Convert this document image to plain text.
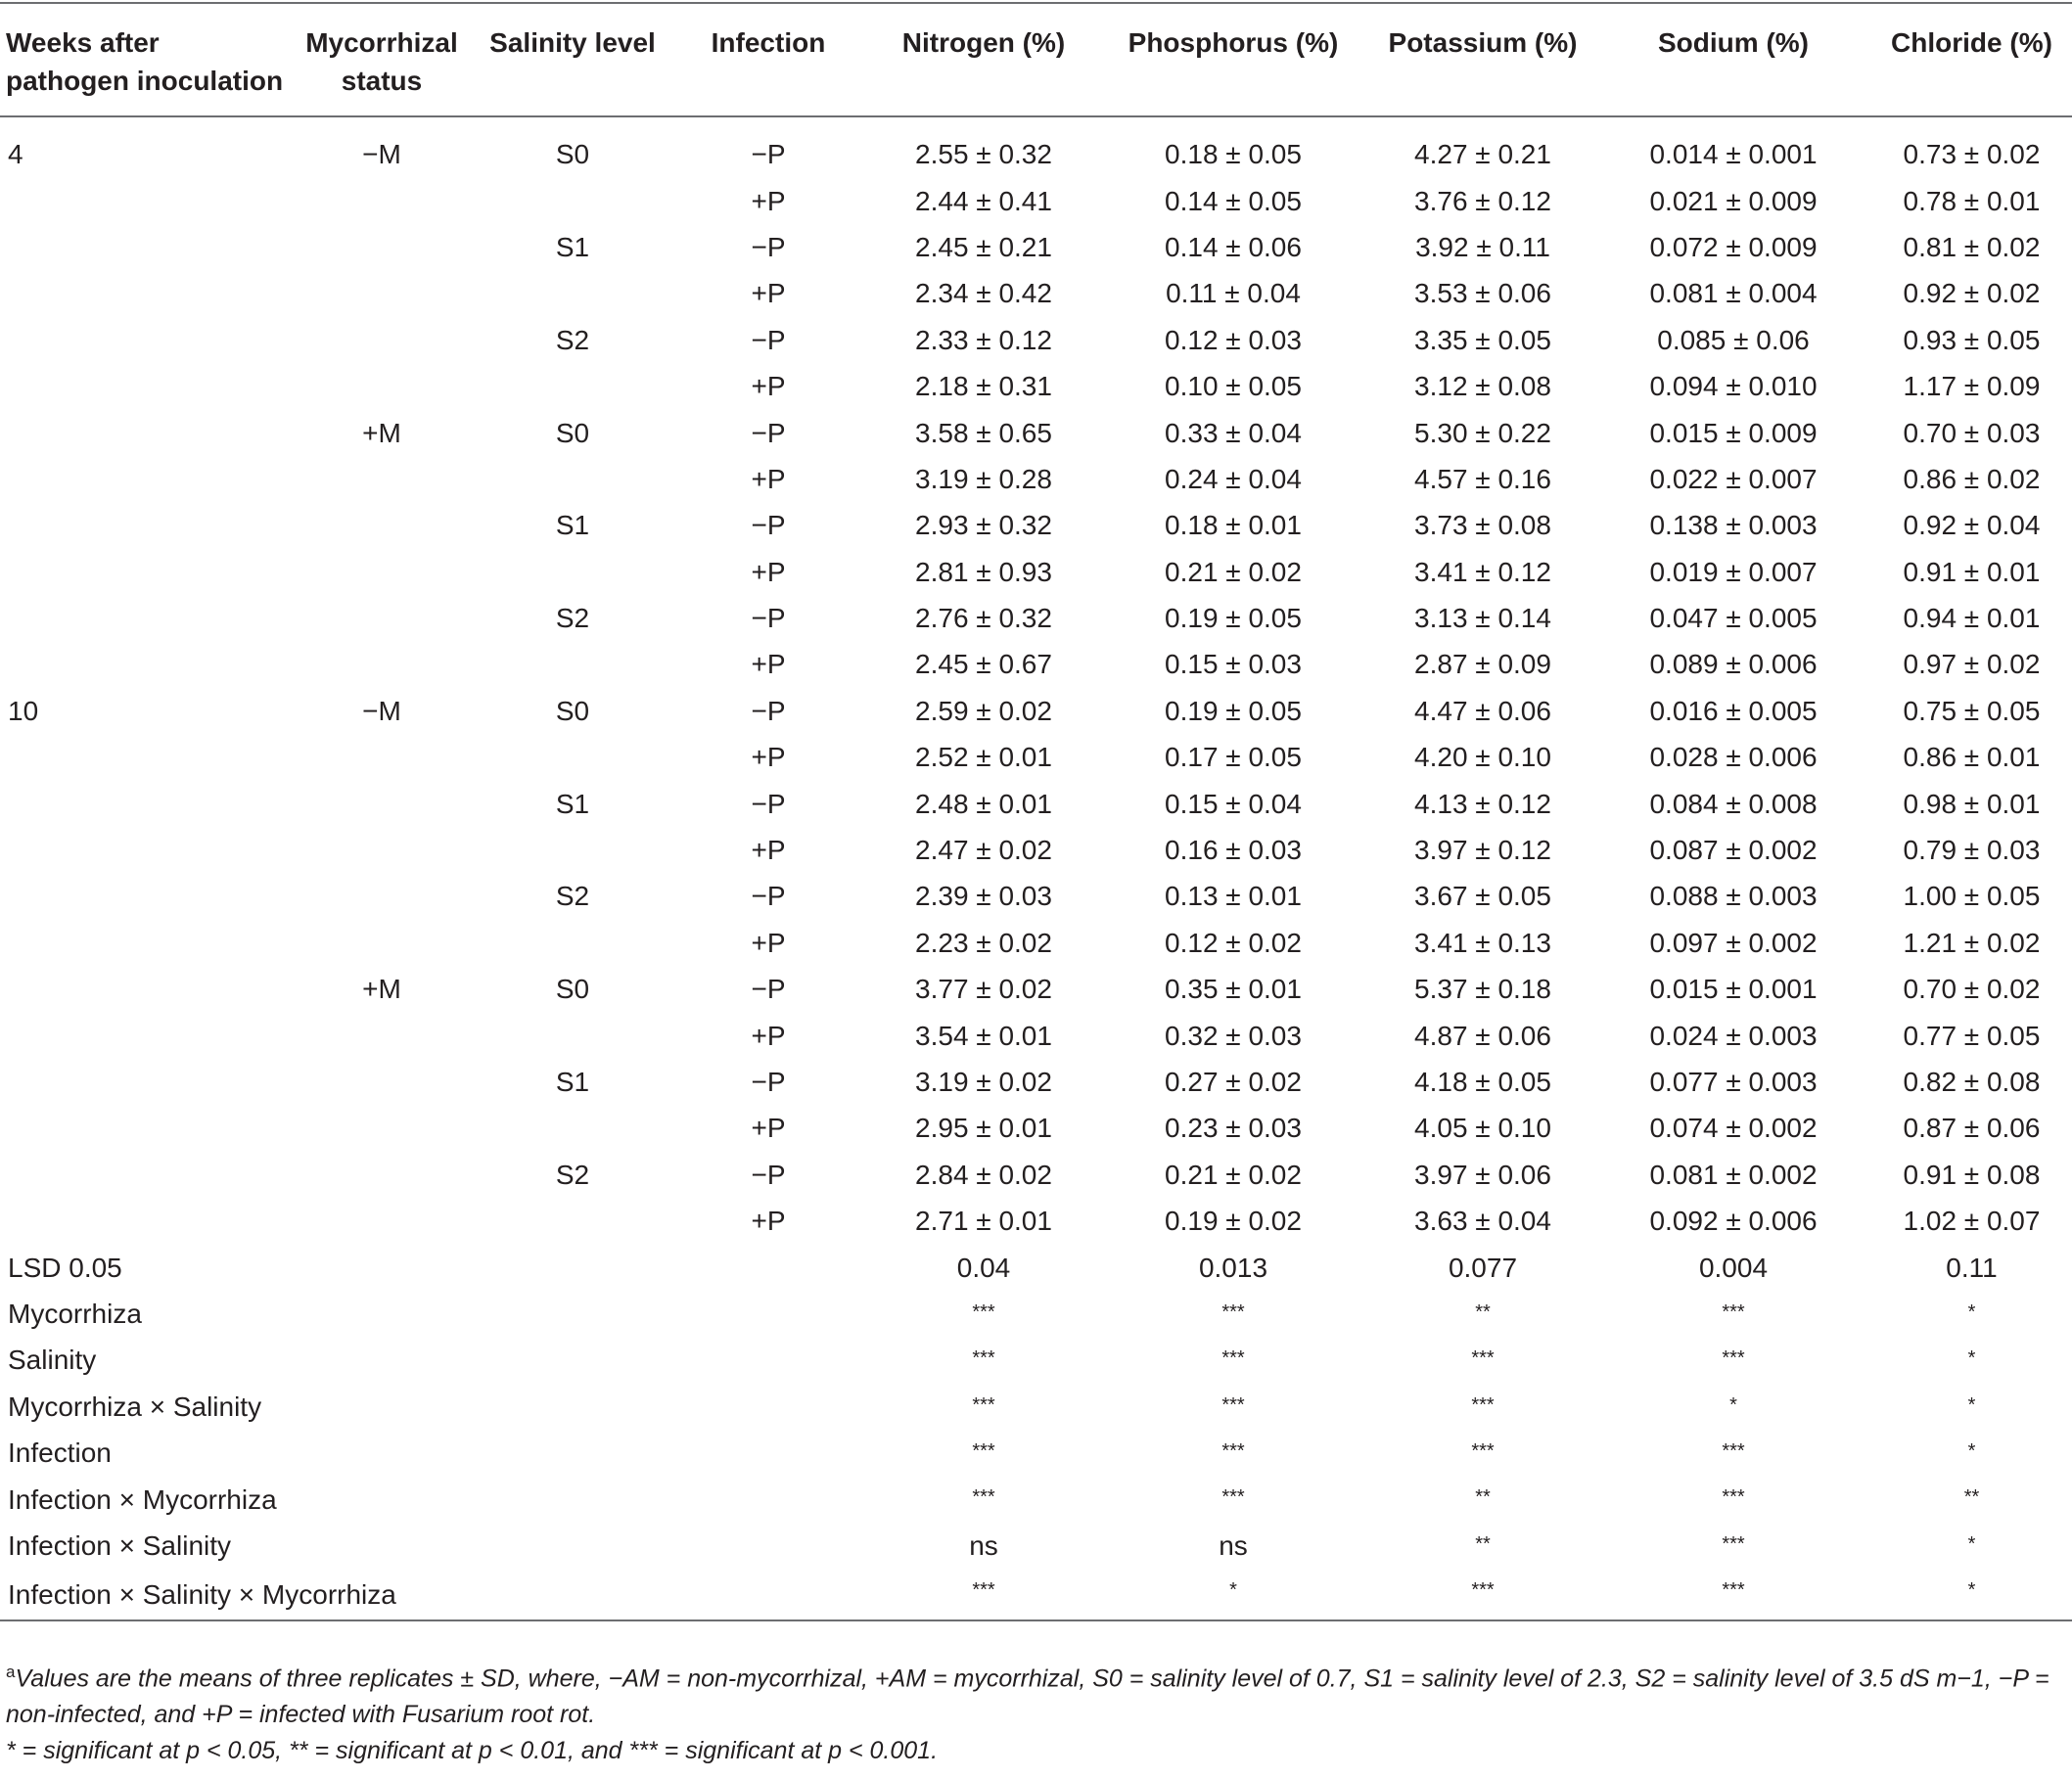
Weeks after pathogen inoculation	Mycorrhizal status	Salinity level	Infection	Nitrogen (%)	Phosphorus (%)	Potassium (%)	Sodium (%)	Chloride (%)
4	−M	S0	−P	2.55 ± 0.32	0.18 ± 0.05	4.27 ± 0.21	0.014 ± 0.001	0.73 ± 0.02
			+P	2.44 ± 0.41	0.14 ± 0.05	3.76 ± 0.12	0.021 ± 0.009	0.78 ± 0.01
		S1	−P	2.45 ± 0.21	0.14 ± 0.06	3.92 ± 0.11	0.072 ± 0.009	0.81 ± 0.02
			+P	2.34 ± 0.42	0.11 ± 0.04	3.53 ± 0.06	0.081 ± 0.004	0.92 ± 0.02
		S2	−P	2.33 ± 0.12	0.12 ± 0.03	3.35 ± 0.05	0.085 ± 0.06	0.93 ± 0.05
			+P	2.18 ± 0.31	0.10 ± 0.05	3.12 ± 0.08	0.094 ± 0.010	1.17 ± 0.09
	+M	S0	−P	3.58 ± 0.65	0.33 ± 0.04	5.30 ± 0.22	0.015 ± 0.009	0.70 ± 0.03
			+P	3.19 ± 0.28	0.24 ± 0.04	4.57 ± 0.16	0.022 ± 0.007	0.86 ± 0.02
		S1	−P	2.93 ± 0.32	0.18 ± 0.01	3.73 ± 0.08	0.138 ± 0.003	0.92 ± 0.04
			+P	2.81 ± 0.93	0.21 ± 0.02	3.41 ± 0.12	0.019 ± 0.007	0.91 ± 0.01
		S2	−P	2.76 ± 0.32	0.19 ± 0.05	3.13 ± 0.14	0.047 ± 0.005	0.94 ± 0.01
			+P	2.45 ± 0.67	0.15 ± 0.03	2.87 ± 0.09	0.089 ± 0.006	0.97 ± 0.02
10	−M	S0	−P	2.59 ± 0.02	0.19 ± 0.05	4.47 ± 0.06	0.016 ± 0.005	0.75 ± 0.05
			+P	2.52 ± 0.01	0.17 ± 0.05	4.20 ± 0.10	0.028 ± 0.006	0.86 ± 0.01
		S1	−P	2.48 ± 0.01	0.15 ± 0.04	4.13 ± 0.12	0.084 ± 0.008	0.98 ± 0.01
			+P	2.47 ± 0.02	0.16 ± 0.03	3.97 ± 0.12	0.087 ± 0.002	0.79 ± 0.03
		S2	−P	2.39 ± 0.03	0.13 ± 0.01	3.67 ± 0.05	0.088 ± 0.003	1.00 ± 0.05
			+P	2.23 ± 0.02	0.12 ± 0.02	3.41 ± 0.13	0.097 ± 0.002	1.21 ± 0.02
	+M	S0	−P	3.77 ± 0.02	0.35 ± 0.01	5.37 ± 0.18	0.015 ± 0.001	0.70 ± 0.02
			+P	3.54 ± 0.01	0.32 ± 0.03	4.87 ± 0.06	0.024 ± 0.003	0.77 ± 0.05
		S1	−P	3.19 ± 0.02	0.27 ± 0.02	4.18 ± 0.05	0.077 ± 0.003	0.82 ± 0.08
			+P	2.95 ± 0.01	0.23 ± 0.03	4.05 ± 0.10	0.074 ± 0.002	0.87 ± 0.06
		S2	−P	2.84 ± 0.02	0.21 ± 0.02	3.97 ± 0.06	0.081 ± 0.002	0.91 ± 0.08
			+P	2.71 ± 0.01	0.19 ± 0.02	3.63 ± 0.04	0.092 ± 0.006	1.02 ± 0.07
LSD 0.05				0.04	0.013	0.077	0.004	0.11
Mycorrhiza				***	***	**	***	*
Salinity				***	***	***	***	*
Mycorrhiza × Salinity				***	***	***	*	*
Infection				***	***	***	***	*
Infection × Mycorrhiza				***	***	**	***	**
Infection × Salinity				ns	ns	**	***	*
Infection × Salinity × Mycorrhiza				***	*	***	***	*

$^a$Values are the means of three replicates ± SD, where, −AM = non-mycorrhizal, +AM = mycorrhizal, S0 = salinity level of 0.7, S1 = salinity level of 2.3, S2 = salinity level of 3.5 dS m−1, −P = non-infected, and +P = infected with Fusarium root rot.

* = significant at p < 0.05, ** = significant at p < 0.01, and *** = significant at p < 0.001.
